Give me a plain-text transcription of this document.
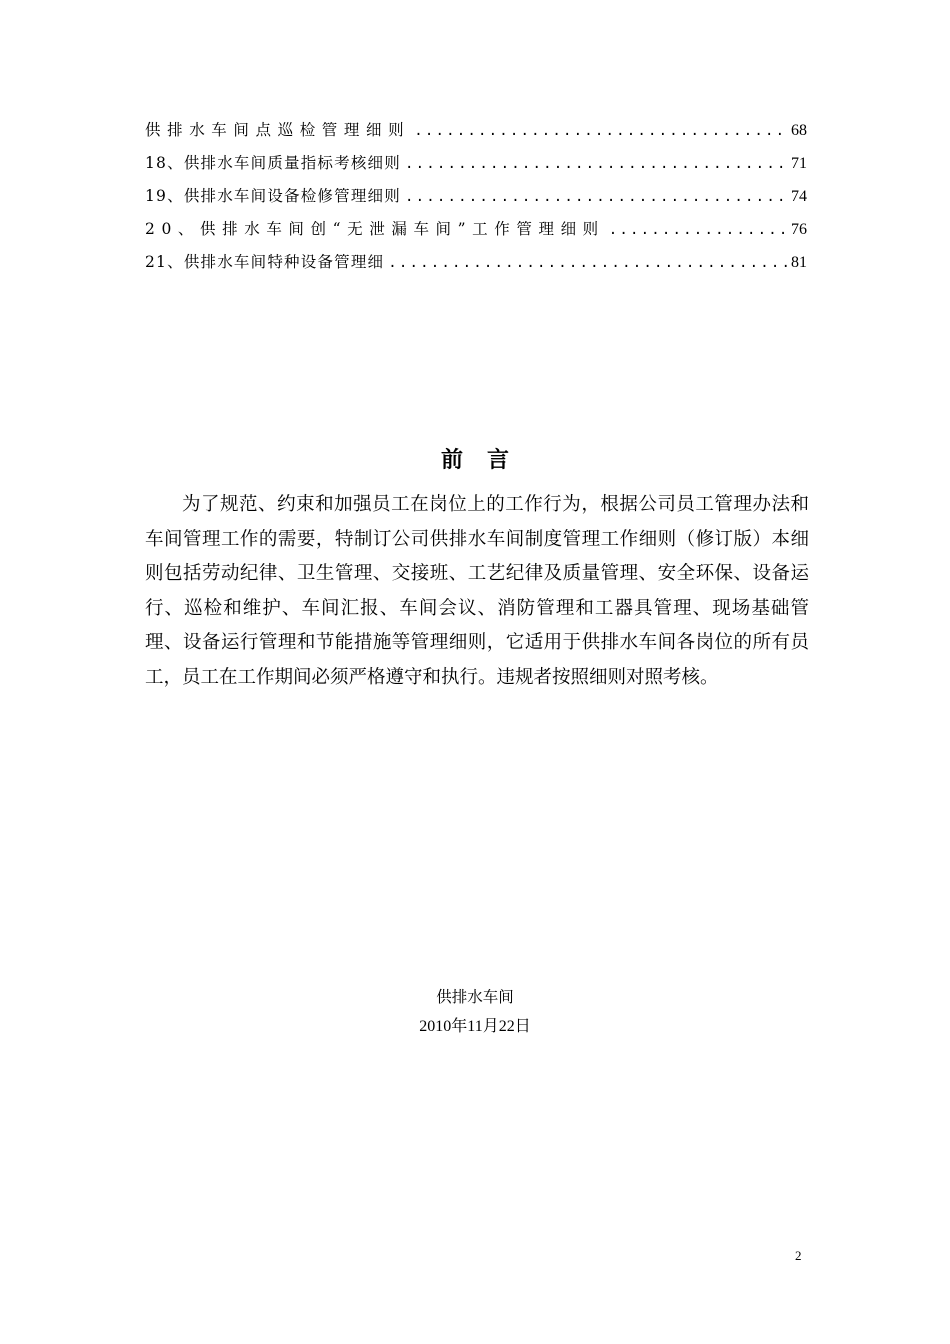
供排水车间点巡检管理细则 .....	68
18、供排水车间质量指标考核细则 .....	71
19、供排水车间设备检修管理细则 .....	74
20、供排水车间创“无泄漏车间”工作管理细则 .....	76
21、供排水车间特种设备管理细 .....	81
前言
为了规范、约束和加强员工在岗位上的工作行为，根据公司员工管理办法和车间管理工作的需要，特制订公司供排水车间制度管理工作细则（修订版）本细则包括劳动纪律、卫生管理、交接班、工艺纪律及质量管理、安全环保、设备运行、巡检和维护、车间汇报、车间会议、消防管理和工器具管理、现场基础管理、设备运行管理和节能措施等管理细则，它适用于供排水车间各岗位的所有员工，员工在工作期间必须严格遵守和执行。违规者按照细则对照考核。
供排水车间
2010年11月22日
2
